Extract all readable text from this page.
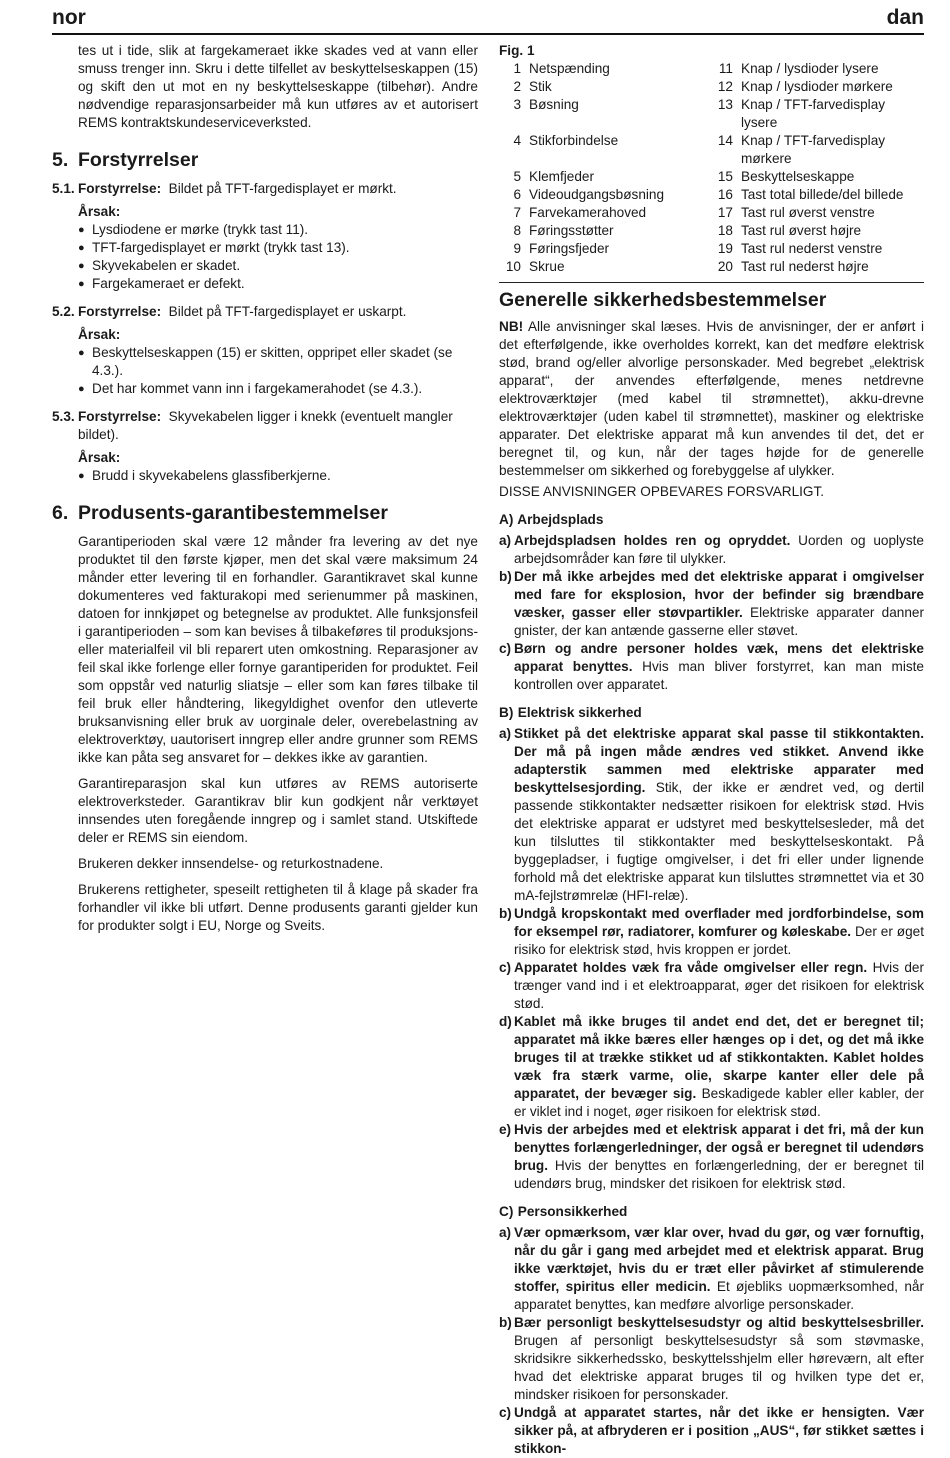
nor	dan

tes ut i tide, slik at fargekameraet ikke skades ved at vann eller smuss trenger inn. Skru i dette tilfellet av beskyttelseskappen (15) og skift den ut mot en ny beskyttelseskappe (tilbehør). Andre nødvendige reparasjonsarbeider må kun utføres av et autorisert REMS kontraktskundeserviceverksted.

5. Forstyrrelser
5.1. Forstyrrelse: Bildet på TFT-fargedisplayet er mørkt.
Årsak:
● Lysdiodene er mørke (trykk tast 11).
● TFT-fargedisplayet er mørkt (trykk tast 13).
● Skyvekabelen er skadet.
● Fargekameraet er defekt.
5.2. Forstyrrelse: Bildet på TFT-fargedisplayet er uskarpt.
Årsak:
● Beskyttelseskappen (15) er skitten, oppripet eller skadet (se 4.3.).
● Det har kommet vann inn i fargekamerahodet (se 4.3.).
5.3. Forstyrrelse: Skyvekabelen ligger i knekk (eventuelt mangler bildet).
Årsak:
● Brudd i skyvekabelens glassfiberkjerne.
6. Produsents-garantibestemmelser

Garantiperioden skal være 12 månder fra levering av det nye produktet til den første kjøper, men det skal være maksimum 24 månder etter levering til en forhandler. Garantikravet skal kunne dokumenteres ved fakturakopi med serienummer på maskinen, datoen for innkjøpet og betegnelse av produktet. Alle funksjonsfeil i garantiperioden – som kan bevises å tilbakeføres til produksjons- eller materialfeil vil bli reparert uten omkostning. Reparasjoner av feil skal ikke forlenge eller fornye garantiperiden for produktet. Feil som oppstår ved naturlig sliatsje – eller som kan føres tilbake til feil bruk eller håndtering, likegyldighet ovenfor den utleverte bruksanvisning eller bruk av uorginale deler, overebelastning av elektroverktøy, uautorisert inngrep eller andre grunner som REMS ikke kan påta seg ansvaret for – dekkes ikke av garantien.

Garantireparasjon skal kun utføres av REMS autoriserte elektroverksteder. Garantikrav blir kun godkjent når verktøyet innsendes uten foregående inngrep og i samlet stand. Utskiftede deler er REMS sin eiendom.

Brukeren dekker innsendelse- og returkostnadene.

Brukerens rettigheter, speseilt rettigheten til å klage på skader fra forhandler vil ikke bli utført. Denne produsents garanti gjelder kun for produkter solgt i EU, Norge og Sveits.

Fig. 1
1 Netspænding	11 Knap / lysdioder lysere
2 Stik	12 Knap / lysdioder mørkere
3 Bøsning	13 Knap / TFT-farvedisplay lysere
4 Stikforbindelse	14 Knap / TFT-farvedisplay mørkere
5 Klemfjeder	15 Beskyttelseskappe
6 Videoudgangsbøsning	16 Tast total billede/del billede
7 Farvekamerahoved	17 Tast rul øverst venstre
8 Føringsstøtter	18 Tast rul øverst højre
9 Føringsfjeder	19 Tast rul nederst venstre
10 Skrue	20 Tast rul nederst højre
Generelle sikkerhedsbestemmelser

NB! Alle anvisninger skal læses. Hvis de anvisninger, der er anført i det efterfølgende, ikke overholdes korrekt, kan det medføre elektrisk stød, brand og/eller alvorlige personskader. Med begrebet „elektrisk apparat“, der anvendes efterfølgende, menes netdrevne elektroværktøjer (med kabel til strømnettet), akku-drevne elektroværktøjer (uden kabel til strømnettet), maskiner og elektriske apparater. Det elektriske apparat må kun anvendes til det, det er beregnet til, og kun, når der tages højde for de generelle bestemmelser om sikkerhed og forebyggelse af ulykker.

DISSE ANVISNINGER OPBEVARES FORSVARLIGT.

A) Arbejdsplads
a) Arbejdspladsen holdes ren og opryddet. Uorden og uoplyste arbejdsområder kan føre til ulykker.
b) Der må ikke arbejdes med det elektriske apparat i omgivelser med fare for eksplosion, hvor der befinder sig brændbare væsker, gasser eller støvpartikler. Elektriske apparater danner gnister, der kan antænde gasserne eller støvet.
c) Børn og andre personer holdes væk, mens det elektriske apparat benyttes. Hvis man bliver forstyrret, kan man miste kontrollen over apparatet.
B) Elektrisk sikkerhed
a) Stikket på det elektriske apparat skal passe til stikkontakten. Der må på ingen måde ændres ved stikket. Anvend ikke adapterstik sammen med elektriske apparater med beskyttelsesjording. Stik, der ikke er ændret ved, og dertil passende stikkontakter nedsætter risikoen for elektrisk stød. Hvis det elektriske apparat er udstyret med beskyttelsesleder, må det kun tilsluttes til stikkontakter med beskyttelseskontakt. På byggepladser, i fugtige omgivelser, i det fri eller under lignende forhold må det elektriske apparat kun tilsluttes strømnettet via et 30 mA-fejlstrømrelæ (HFI-relæ).
b) Undgå kropskontakt med overflader med jordforbindelse, som for eksempel rør, radiatorer, komfurer og køleskabe. Der er øget risiko for elektrisk stød, hvis kroppen er jordet.
c) Apparatet holdes væk fra våde omgivelser eller regn. Hvis der trænger vand ind i et elektroapparat, øger det risikoen for elektrisk stød.
d) Kablet må ikke bruges til andet end det, det er beregnet til; apparatet må ikke bæres eller hænges op i det, og det må ikke bruges til at trække stikket ud af stikkontakten. Kablet holdes væk fra stærk varme, olie, skarpe kanter eller dele på apparatet, der bevæger sig. Beskadigede kabler eller kabler, der er viklet ind i noget, øger risikoen for elektrisk stød.
e) Hvis der arbejdes med et elektrisk apparat i det fri, må der kun benyttes forlængerledninger, der også er beregnet til udendørs brug. Hvis der benyttes en forlængerledning, der er beregnet til udendørs brug, mindsker det risikoen for elektrisk stød.
C) Personsikkerhed
a) Vær opmærksom, vær klar over, hvad du gør, og vær fornuftig, når du går i gang med arbejdet med et elektrisk apparat. Brug ikke værktøjet, hvis du er træt eller påvirket af stimulerende stoffer, spiritus eller medicin. Et øjebliks uopmærksomhed, når apparatet benyttes, kan medføre alvorlige personskader.
b) Bær personligt beskyttelsesudstyr og altid beskyttelsesbriller. Brugen af personligt beskyttelsesudstyr så som støvmaske, skridsikre sikkerhedssko, beskyttelsshjelm eller høreværn, alt efter hvad det elektriske apparat bruges til og hvilken type det er, mindsker risikoen for personskader.
c) Undgå at apparatet startes, når det ikke er hensigten. Vær sikker på, at afbryderen er i position „AUS“, før stikket sættes i stikkon-
